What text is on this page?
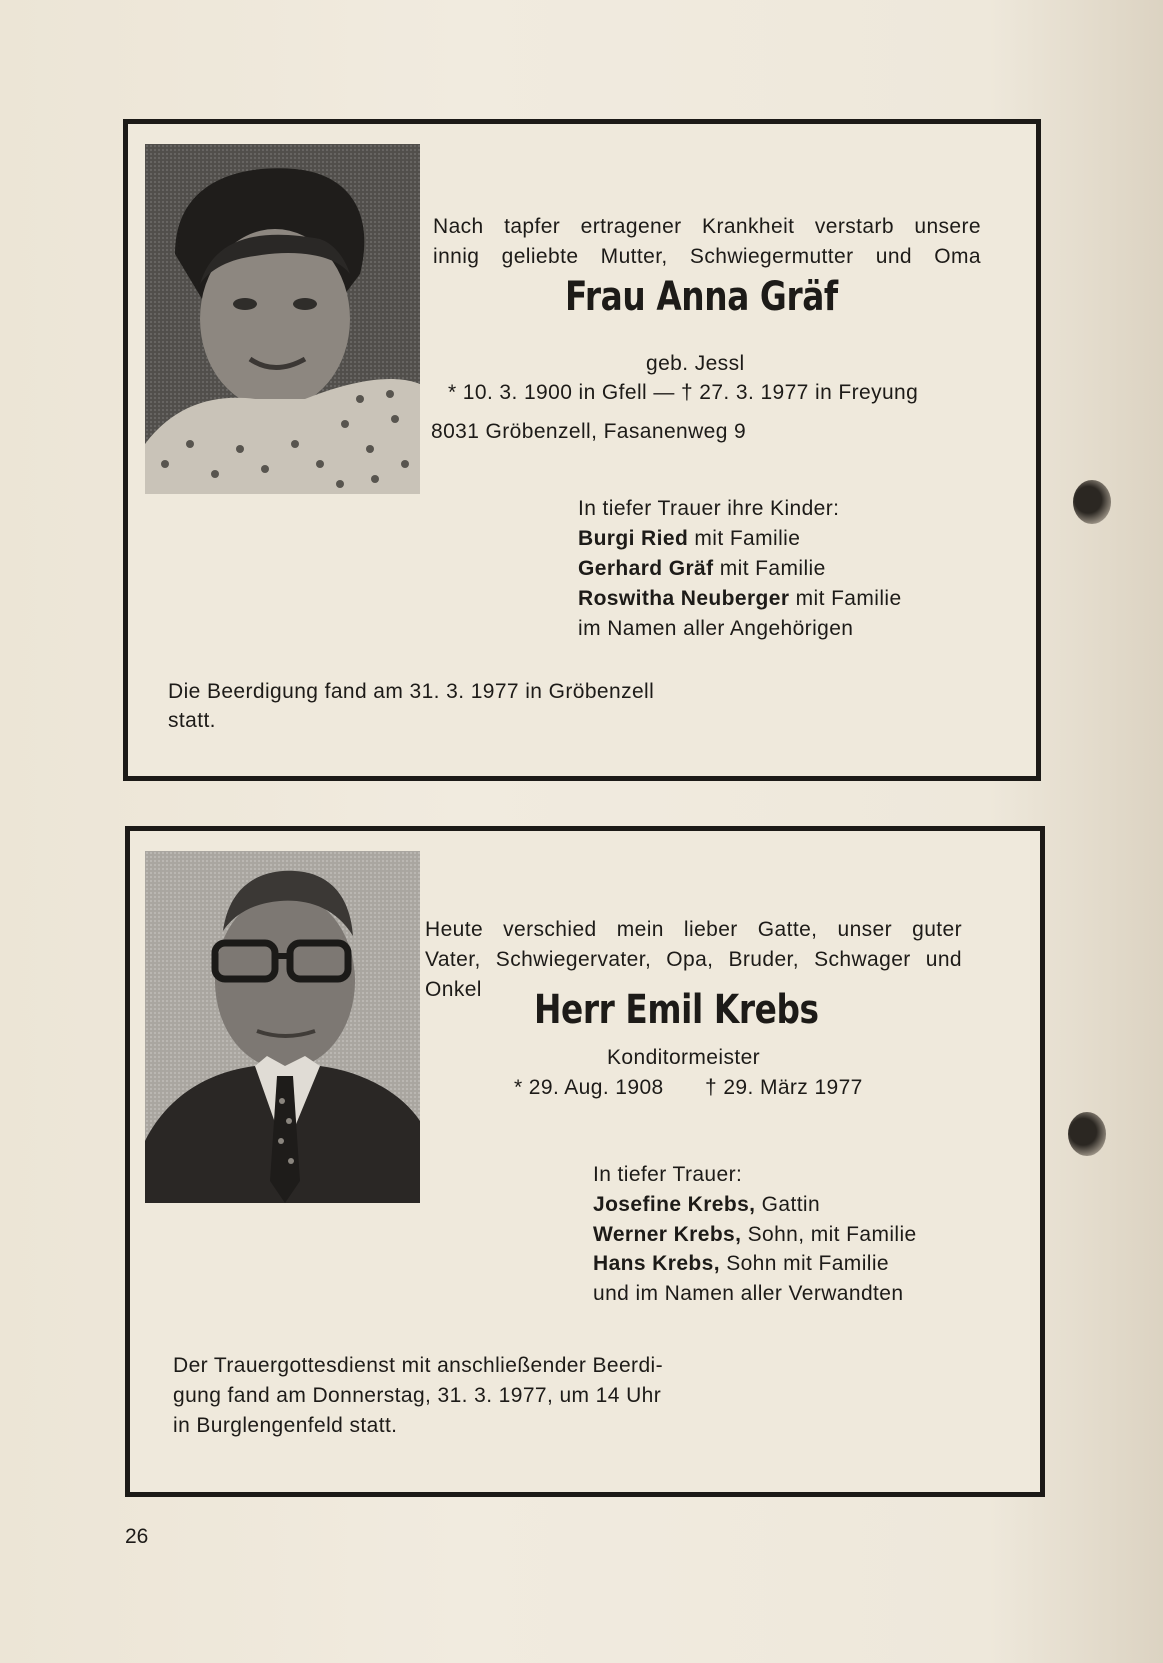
Nach tapfer ertragener Krankheit verstarb unsere
innig geliebte Mutter, Schwiegermutter und Oma
Frau Anna Gräf
geb. Jessl
* 10. 3. 1900 in Gfell — † 27. 3. 1977 in Freyung
8031 Gröbenzell, Fasanenweg 9
In tiefer Trauer ihre Kinder:
Burgi Ried mit Familie
Gerhard Gräf mit Familie
Roswitha Neuberger mit Familie
im Namen aller Angehörigen
Die Beerdigung fand am 31. 3. 1977 in Gröbenzell
statt.
Heute verschied mein lieber Gatte, unser guter
Vater, Schwiegervater, Opa, Bruder, Schwager und
Onkel Herr Emil Krebs
Konditormeister
* 29. Aug. 1908 † 29. März 1977
In tiefer Trauer:
Josefine Krebs, Gattin
Werner Krebs, Sohn, mit Familie
Hans Krebs, Sohn mit Familie
und im Namen aller Verwandten
Der Trauergottesdienst mit anschließender Beerdi-
gung fand am Donnerstag, 31. 3. 1977, um 14 Uhr
in Burglengenfeld statt.
26
